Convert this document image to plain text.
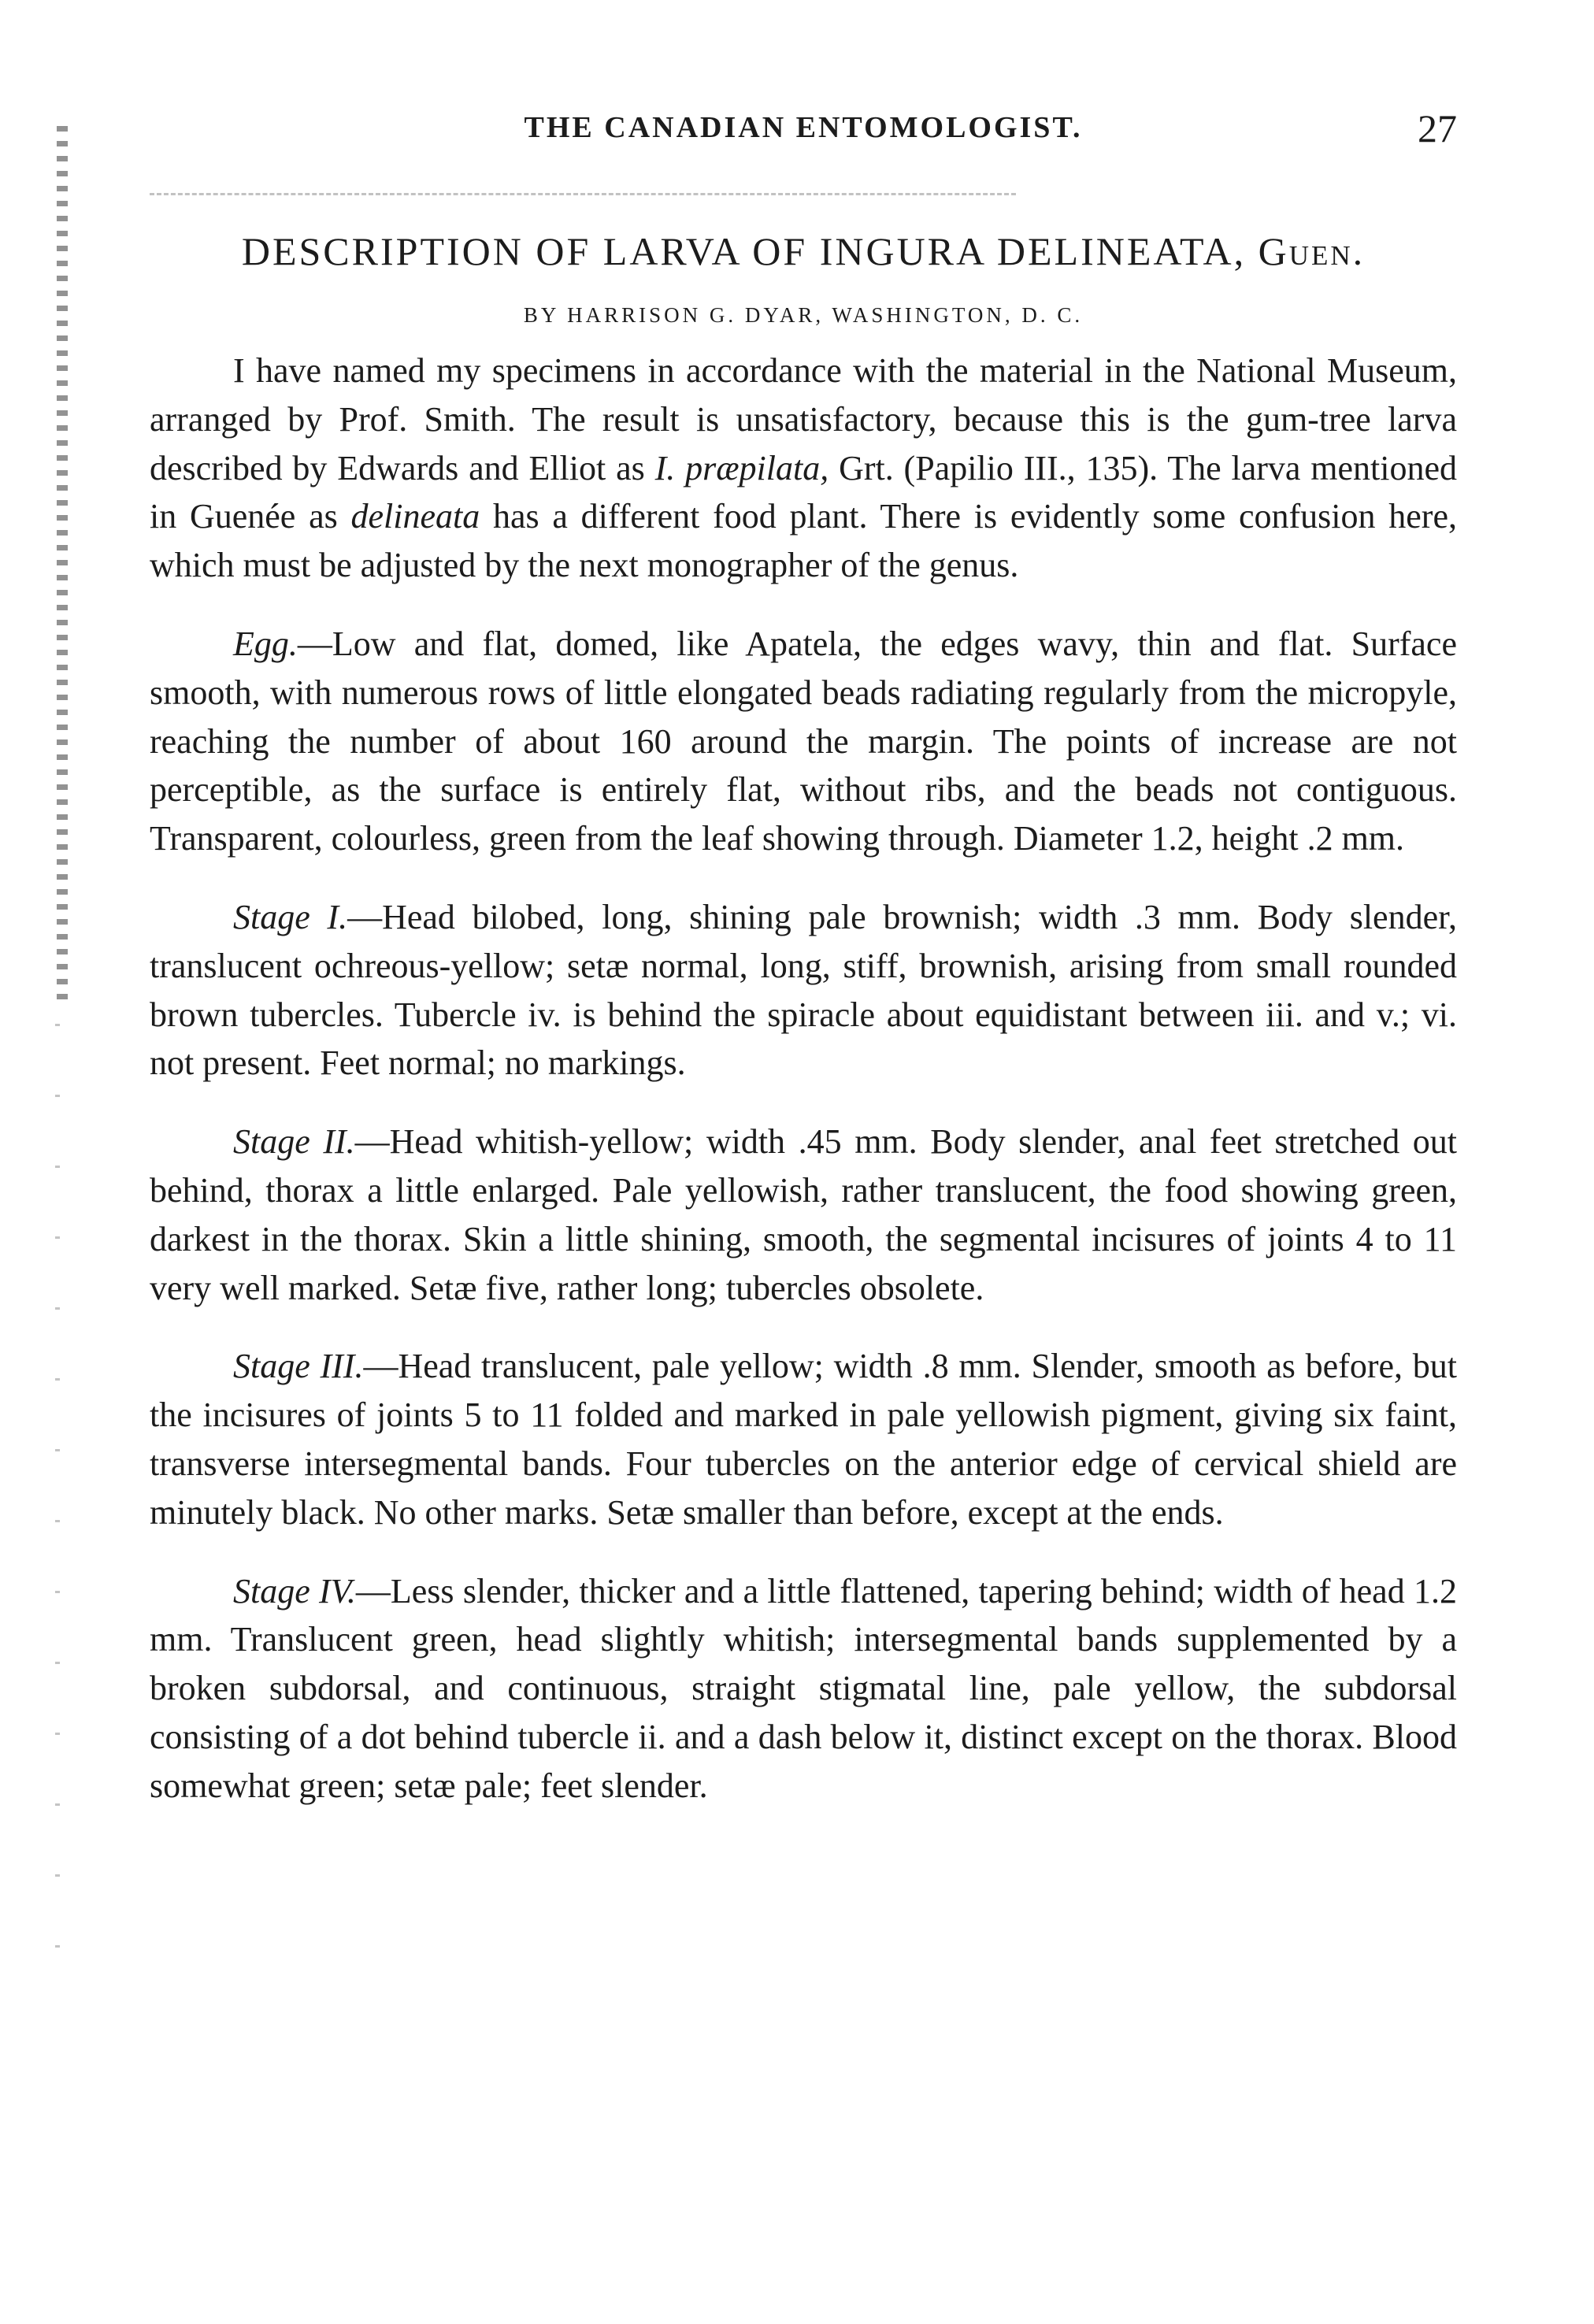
THE CANADIAN ENTOMOLOGIST.	27
DESCRIPTION OF LARVA OF INGURA DELINEATA, Guen.
BY HARRISON G. DYAR, WASHINGTON, D. C.

I have named my specimens in accordance with the material in the National Museum, arranged by Prof. Smith. The result is unsatisfactory, because this is the gum-tree larva described by Edwards and Elliot as I. præpilata, Grt. (Papilio III., 135). The larva mentioned in Guenée as delineata has a different food plant. There is evidently some confusion here, which must be adjusted by the next monographer of the genus.

Egg.—Low and flat, domed, like Apatela, the edges wavy, thin and flat. Surface smooth, with numerous rows of little elongated beads radiating regularly from the micropyle, reaching the number of about 160 around the margin. The points of increase are not perceptible, as the surface is entirely flat, without ribs, and the beads not contiguous. Transparent, colourless, green from the leaf showing through. Diameter 1.2, height .2 mm.

Stage I.—Head bilobed, long, shining pale brownish; width .3 mm. Body slender, translucent ochreous-yellow; setæ normal, long, stiff, brownish, arising from small rounded brown tubercles. Tubercle iv. is behind the spiracle about equidistant between iii. and v.; vi. not present. Feet normal; no markings.

Stage II.—Head whitish-yellow; width .45 mm. Body slender, anal feet stretched out behind, thorax a little enlarged. Pale yellowish, rather translucent, the food showing green, darkest in the thorax. Skin a little shining, smooth, the segmental incisures of joints 4 to 11 very well marked. Setæ five, rather long; tubercles obsolete.

Stage III.—Head translucent, pale yellow; width .8 mm. Slender, smooth as before, but the incisures of joints 5 to 11 folded and marked in pale yellowish pigment, giving six faint, transverse intersegmental bands. Four tubercles on the anterior edge of cervical shield are minutely black. No other marks. Setæ smaller than before, except at the ends.

Stage IV.—Less slender, thicker and a little flattened, tapering behind; width of head 1.2 mm. Translucent green, head slightly whitish; intersegmental bands supplemented by a broken subdorsal, and continuous, straight stigmatal line, pale yellow, the subdorsal consisting of a dot behind tubercle ii. and a dash below it, distinct except on the thorax. Blood somewhat green; setæ pale; feet slender.
